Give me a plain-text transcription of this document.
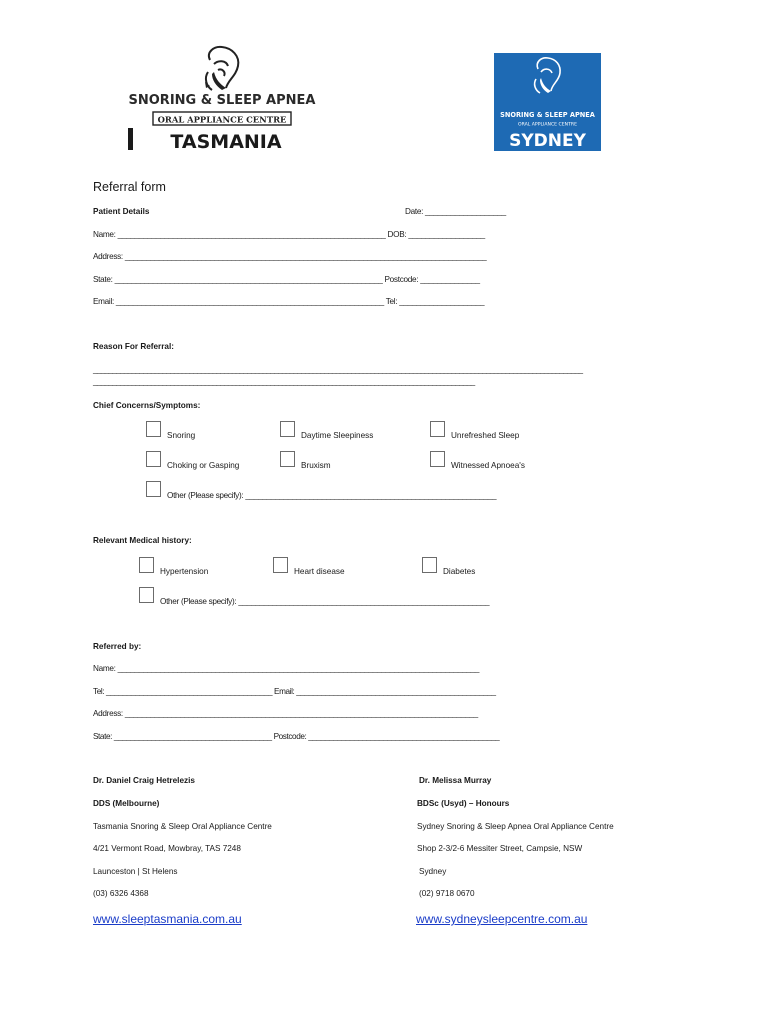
SNORING & SLEEP APNEA
ORAL APPLIANCE CENTRE
TASMANIA
SNORING & SLEEP APNEA
ORAL APPLIANCE CENTRE
SYDNEY
Referral form
Patient Details	Date: ___________________
Name: _______________________________________________________________ DOB: __________________
Address: _____________________________________________________________________________________
State: _______________________________________________________________ Postcode: ______________
Email: _______________________________________________________________ Tel: ____________________
Reason For Referral:
_______________________________________________________________________________________________________________________________
___________________________________________________________________________________________________
Chief Concerns/Symptoms:
Snoring	Daytime Sleepiness	Unrefreshed Sleep
Choking or Gasping	Bruxism	Witnessed Apnoea's
Other (Please specify): ___________________________________________________________
Relevant Medical history:
Hypertension	Heart disease	Diabetes
Other (Please specify): ___________________________________________________________
Referred by:
Name: _____________________________________________________________________________________
Tel: ________________________________________ Email: ________________________________________________
Address: ___________________________________________________________________________________
State: ______________________________________ Postcode: ______________________________________________
Dr. Daniel Craig Hetrelezis
DDS (Melbourne)
Tasmania Snoring & Sleep Oral Appliance Centre
4/21 Vermont Road, Mowbray, TAS 7248
Launceston | St Helens
(03) 6326 4368
www.sleeptasmania.com.au
Dr. Melissa Murray
BDSc (Usyd) – Honours
Sydney Snoring & Sleep Apnea Oral Appliance Centre
Shop 2-3/2-6 Messiter Street, Campsie, NSW
Sydney
(02) 9718 0670
www.sydneysleepcentre.com.au
